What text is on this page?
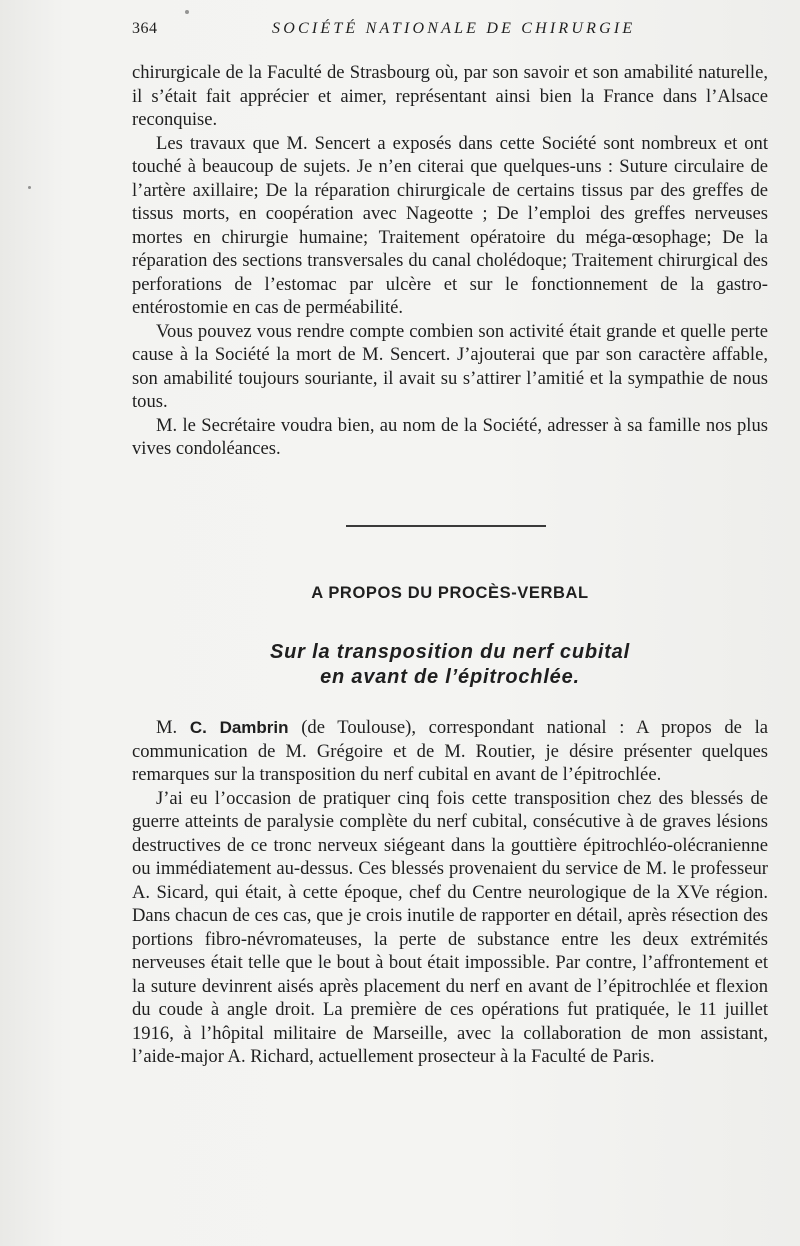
364	SOCIÉTÉ NATIONALE DE CHIRURGIE

chirurgicale de la Faculté de Strasbourg où, par son savoir et son amabilité naturelle, il s’était fait apprécier et aimer, représentant ainsi bien la France dans l’Alsace reconquise.

Les travaux que M. Sencert a exposés dans cette Société sont nombreux et ont touché à beaucoup de sujets. Je n’en citerai que quelques-uns : Suture circulaire de l’artère axillaire; De la réparation chirurgicale de certains tissus par des greffes de tissus morts, en coopération avec Nageotte ; De l’emploi des greffes nerveuses mortes en chirurgie humaine; Traitement opératoire du méga-œsophage; De la réparation des sections transversales du canal cholédoque; Traitement chirurgical des perforations de l’estomac par ulcère et sur le fonctionnement de la gastro-entérostomie en cas de perméabilité.

Vous pouvez vous rendre compte combien son activité était grande et quelle perte cause à la Société la mort de M. Sencert. J’ajouterai que par son caractère affable, son amabilité toujours souriante, il avait su s’attirer l’amitié et la sympathie de nous tous.

M. le Secrétaire voudra bien, au nom de la Société, adresser à sa famille nos plus vives condoléances.

A PROPOS DU PROCÈS-VERBAL
Sur la transposition du nerf cubital
en avant de l’épitrochlée.

M. C. Dambrin (de Toulouse), correspondant national : A propos de la communication de M. Grégoire et de M. Routier, je désire présenter quelques remarques sur la transposition du nerf cubital en avant de l’épitrochlée.

J’ai eu l’occasion de pratiquer cinq fois cette transposition chez des blessés de guerre atteints de paralysie complète du nerf cubital, consécutive à de graves lésions destructives de ce tronc nerveux siégeant dans la gouttière épitrochléo-olécranienne ou immédiatement au-dessus. Ces blessés provenaient du service de M. le professeur A. Sicard, qui était, à cette époque, chef du Centre neurologique de la XVe région. Dans chacun de ces cas, que je crois inutile de rapporter en détail, après résection des portions fibro-névromateuses, la perte de substance entre les deux extrémités nerveuses était telle que le bout à bout était impossible. Par contre, l’affrontement et la suture devinrent aisés après placement du nerf en avant de l’épitrochlée et flexion du coude à angle droit. La première de ces opérations fut pratiquée, le 11 juillet 1916, à l’hôpital militaire de Marseille, avec la collaboration de mon assistant, l’aide-major A. Richard, actuellement prosecteur à la Faculté de Paris.
